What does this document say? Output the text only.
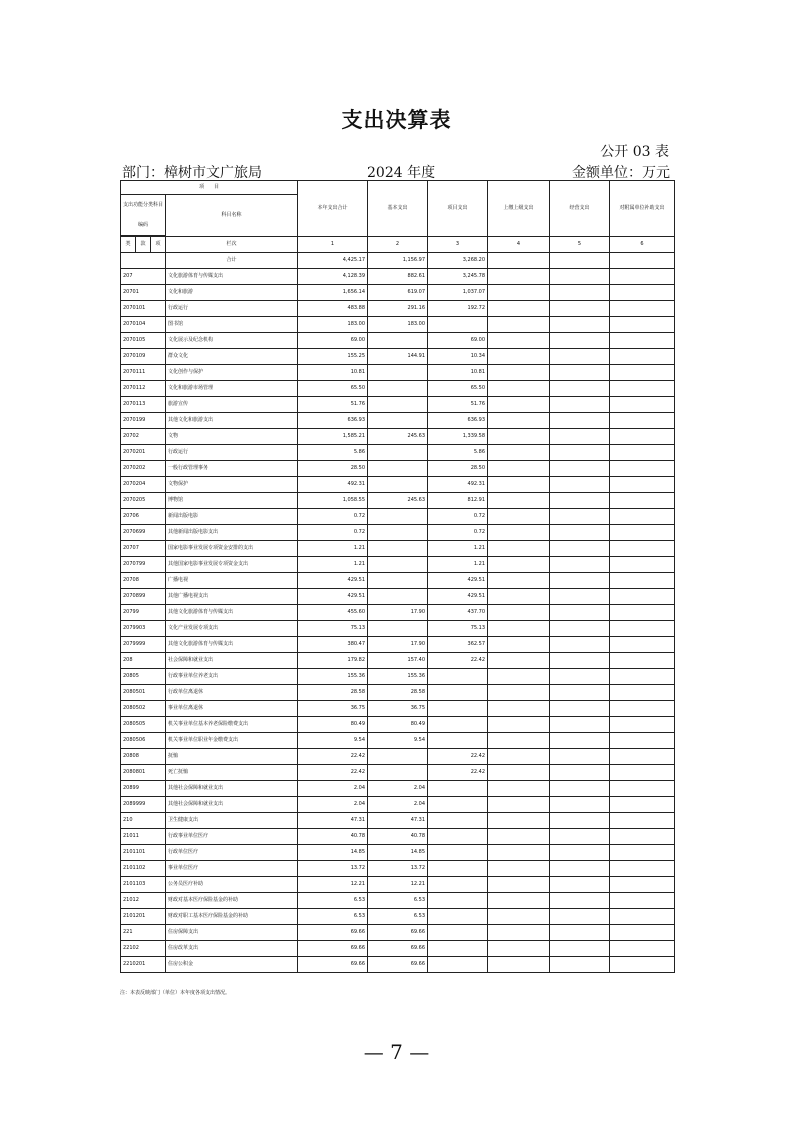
支出决算表
公开 03 表
部门：樟树市文广旅局	2024 年度	金额单位：万元
项　　目				本年支出合计	基本支出	项目支出	上缴上级支出	经营支出	对附属单位补助支出
支出功能分类科目编码			科目名称						

类	款	项	栏次	1	2	3	4	5	6
			合计	4,425.17	1,156.97	3,268.20			
207			文化旅游体育与传媒支出	4,128.39	882.61	3,245.78			
20701			文化和旅游	1,656.14	619.07	1,037.07			
2070101			行政运行	483.88	291.16	192.72			
2070104			图书馆	183.00	183.00				
2070105			文化展示及纪念机构	69.00		69.00			
2070109			群众文化	155.25	144.91	10.34			
2070111			文化创作与保护	10.81		10.81			
2070112			文化和旅游市场管理	65.50		65.50			
2070113			旅游宣传	51.76		51.76			
2070199			其他文化和旅游支出	636.93		636.93			
20702			文物	1,585.21	245.63	1,339.58			
2070201			行政运行	5.86		5.86			
2070202			一般行政管理事务	28.50		28.50			
2070204			文物保护	492.31		492.31			
2070205			博物馆	1,058.55	245.63	812.91			
20706			新闻出版电影	0.72		0.72			
2070699			其他新闻出版电影支出	0.72		0.72			
20707			国家电影事业发展专项资金安排的支出	1.21		1.21			
2070799			其他国家电影事业发展专项资金支出	1.21		1.21			
20708			广播电视	429.51		429.51			
2070899			其他广播电视支出	429.51		429.51			
20799			其他文化旅游体育与传媒支出	455.60	17.90	437.70			
2079903			文化产业发展专项支出	75.13		75.13			
2079999			其他文化旅游体育与传媒支出	380.47	17.90	362.57			
208			社会保障和就业支出	179.82	157.40	22.42			
20805			行政事业单位养老支出	155.36	155.36				
2080501			行政单位离退休	28.58	28.58				
2080502			事业单位离退休	36.75	36.75				
2080505			机关事业单位基本养老保险缴费支出	80.49	80.49				
2080506			机关事业单位职业年金缴费支出	9.54	9.54				
20808			抚恤	22.42		22.42			
2080801			死亡抚恤	22.42		22.42			
20899			其他社会保障和就业支出	2.04	2.04				
2089999			其他社会保障和就业支出	2.04	2.04				
210			卫生健康支出	47.31	47.31				
21011			行政事业单位医疗	40.78	40.78				
2101101			行政单位医疗	14.85	14.85				
2101102			事业单位医疗	13.72	13.72				
2101103			公务员医疗补助	12.21	12.21				
21012			财政对基本医疗保险基金的补助	6.53	6.53				
2101201			财政对职工基本医疗保险基金的补助	6.53	6.53				
221			住房保障支出	69.66	69.66				
22102			住房改革支出	69.66	69.66				
2210201			住房公积金	69.66	69.66				
注：本表反映部门（单位）本年度各项支出情况。
— 7 —
